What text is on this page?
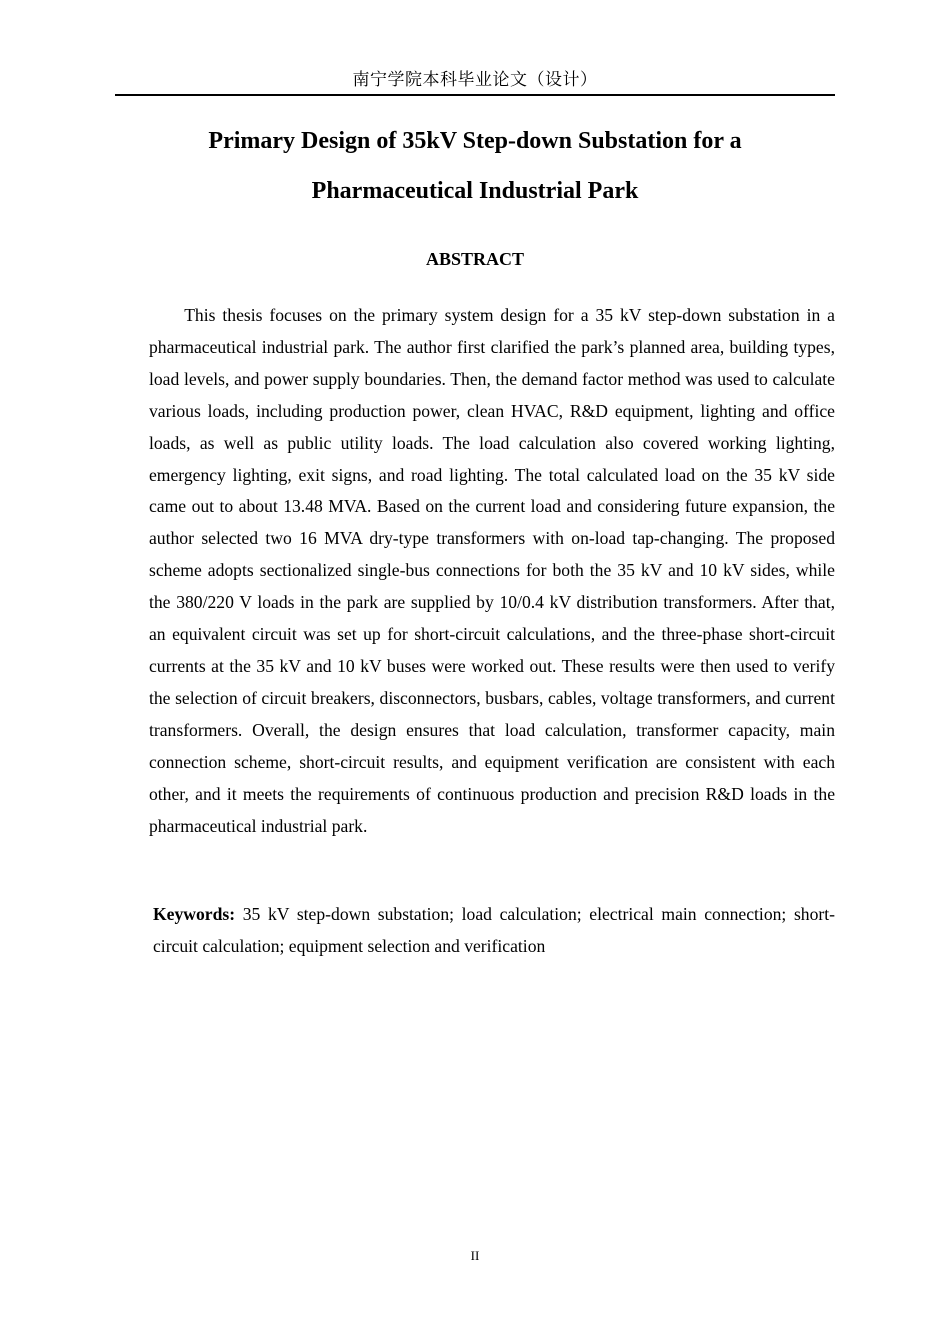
南宁学院本科毕业论文（设计）
Primary Design of 35kV Step-down Substation for a
Pharmaceutical Industrial Park
ABSTRACT

This thesis focuses on the primary system design for a 35 kV step-down substation in a pharmaceutical industrial park. The author first clarified the park’s planned area, building types, load levels, and power supply boundaries. Then, the demand factor method was used to calculate various loads, including production power, clean HVAC, R&D equipment, lighting and office loads, as well as public utility loads. The load calculation also covered working lighting, emergency lighting, exit signs, and road lighting. The total calculated load on the 35 kV side came out to about 13.48 MVA. Based on the current load and considering future expansion, the author selected two 16 MVA dry-type transformers with on-load tap-changing. The proposed scheme adopts sectionalized single-bus connections for both the 35 kV and 10 kV sides, while the 380/220 V loads in the park are supplied by 10/0.4 kV distribution transformers. After that, an equivalent circuit was set up for short-circuit calculations, and the three-phase short-circuit currents at the 35 kV and 10 kV buses were worked out. These results were then used to verify the selection of circuit breakers, disconnectors, busbars, cables, voltage transformers, and current transformers. Overall, the design ensures that load calculation, transformer capacity, main connection scheme, short-circuit results, and equipment verification are consistent with each other, and it meets the requirements of continuous production and precision R&D loads in the pharmaceutical industrial park.

Keywords: 35 kV step-down substation; load calculation; electrical main connection; short-circuit calculation; equipment selection and verification

II
